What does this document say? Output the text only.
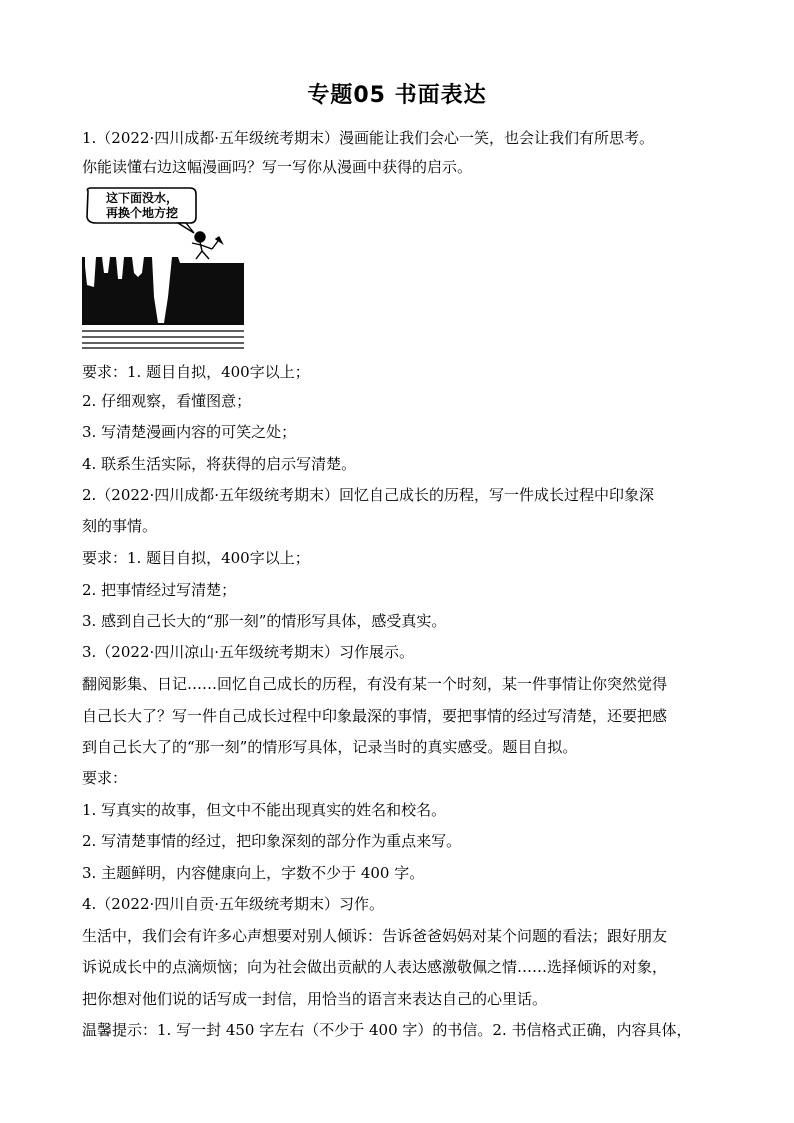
专题05 书面表达
1.（2022·四川成都·五年级统考期末）漫画能让我们会心一笑，也会让我们有所思考。
你能读懂右边这幅漫画吗？写一写你从漫画中获得的启示。
这下面没水，
再换个地方挖
要求：1. 题目自拟，400字以上；
2. 仔细观察，看懂图意；
3. 写清楚漫画内容的可笑之处；
4. 联系生活实际，将获得的启示写清楚。
2.（2022·四川成都·五年级统考期末）回忆自己成长的历程，写一件成长过程中印象深
刻的事情。
要求：1. 题目自拟，400字以上；
2. 把事情经过写清楚；
3. 感到自己长大的“那一刻”的情形写具体，感受真实。
3.（2022·四川凉山·五年级统考期末）习作展示。
翻阅影集、日记……回忆自己成长的历程，有没有某一个时刻，某一件事情让你突然觉得
自己长大了？写一件自己成长过程中印象最深的事情，要把事情的经过写清楚，还要把感
到自己长大了的“那一刻”的情形写具体，记录当时的真实感受。题目自拟。
要求：
1. 写真实的故事，但文中不能出现真实的姓名和校名。
2. 写清楚事情的经过，把印象深刻的部分作为重点来写。
3. 主题鲜明，内容健康向上，字数不少于 400 字。
4.（2022·四川自贡·五年级统考期末）习作。
生活中，我们会有许多心声想要对别人倾诉：告诉爸爸妈妈对某个问题的看法；跟好朋友
诉说成长中的点滴烦恼；向为社会做出贡献的人表达感激敬佩之情……选择倾诉的对象，
把你想对他们说的话写成一封信，用恰当的语言来表达自己的心里话。
温馨提示：1. 写一封 450 字左右（不少于 400 字）的书信。2. 书信格式正确，内容具体，
